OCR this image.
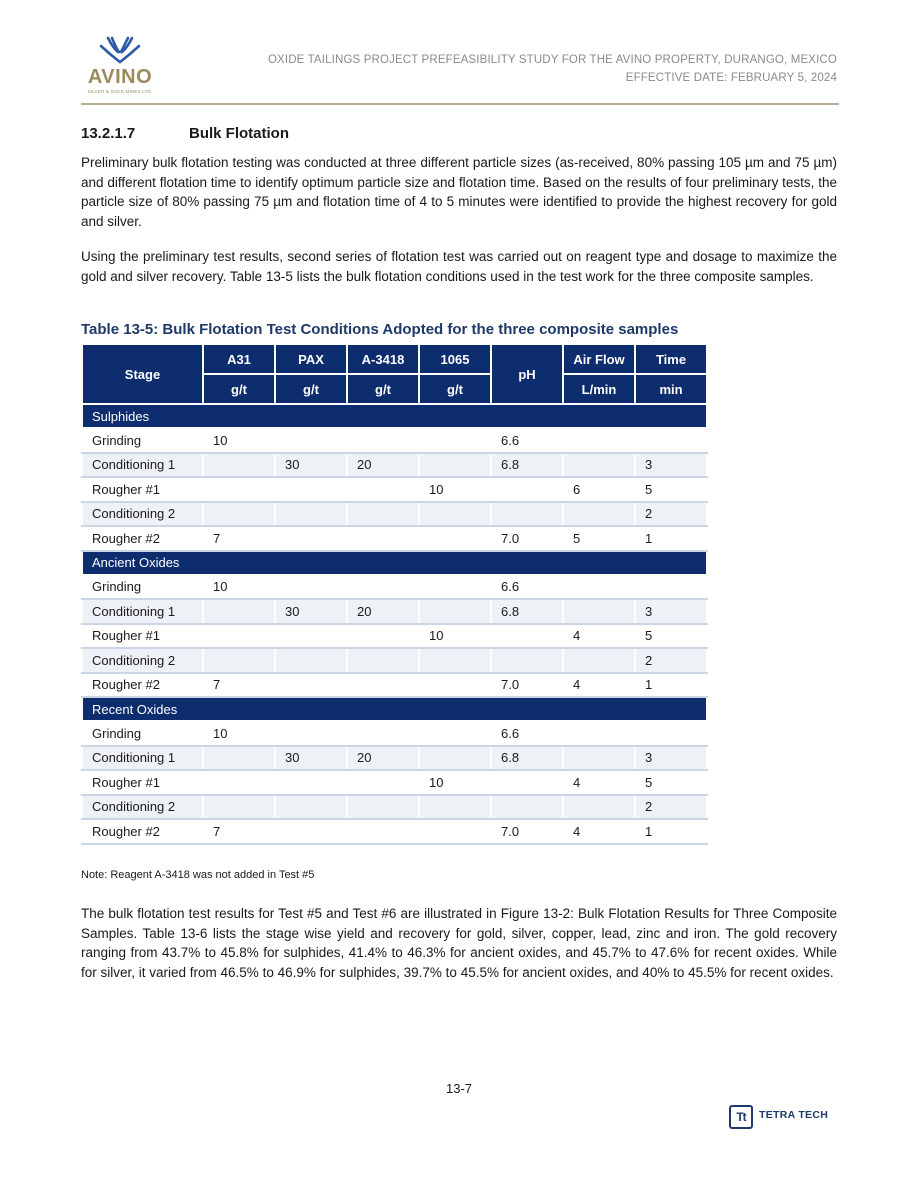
AVINO
SILVER & GOLD MINES LTD.
OXIDE TAILINGS PROJECT PREFEASIBILITY STUDY FOR THE AVINO PROPERTY, DURANGO, MEXICO
EFFECTIVE DATE: FEBRUARY 5, 2024
13.2.1.7	Bulk Flotation

Preliminary bulk flotation testing was conducted at three different particle sizes (as-received, 80% passing 105 µm and 75 µm) and different flotation time to identify optimum particle size and flotation time. Based on the results of four preliminary tests, the particle size of 80% passing 75 µm and flotation time of 4 to 5 minutes were identified to provide the highest recovery for gold and silver.

Using the preliminary test results, second series of flotation test was carried out on reagent type and dosage to maximize the gold and silver recovery. Table 13-5 lists the bulk flotation conditions used in the test work for the three composite samples.

Table 13-5: Bulk Flotation Test Conditions Adopted for the three composite samples
Stage	A31	PAX	A-3418	1065	pH	Air Flow	Time
	g/t	g/t	g/t	g/t		L/min	min
Sulphides							
Grinding	10				6.6		
Conditioning 1		30	20		6.8		3
Rougher #1				10		6	5
Conditioning 2							2
Rougher #2	7				7.0	5	1
Ancient Oxides							
Grinding	10				6.6		
Conditioning 1		30	20		6.8		3
Rougher #1				10		4	5
Conditioning 2							2
Rougher #2	7				7.0	4	1
Recent Oxides							
Grinding	10				6.6		
Conditioning 1		30	20		6.8		3
Rougher #1				10		4	5
Conditioning 2							2
Rougher #2	7				7.0	4	1
Note: Reagent A-3418 was not added in Test #5

The bulk flotation test results for Test #5 and Test #6 are illustrated in Figure 13-2: Bulk Flotation Results for Three Composite Samples. Table 13-6 lists the stage wise yield and recovery for gold, silver, copper, lead, zinc and iron. The gold recovery ranging from 43.7% to 45.8% for sulphides, 41.4% to 46.3% for ancient oxides, and 45.7% to 47.6% for recent oxides. While for silver, it varied from 46.5% to 46.9% for sulphides, 39.7% to 45.5% for ancient oxides, and 40% to 45.5% for recent oxides.

13-7
Tt	TETRA TECH
